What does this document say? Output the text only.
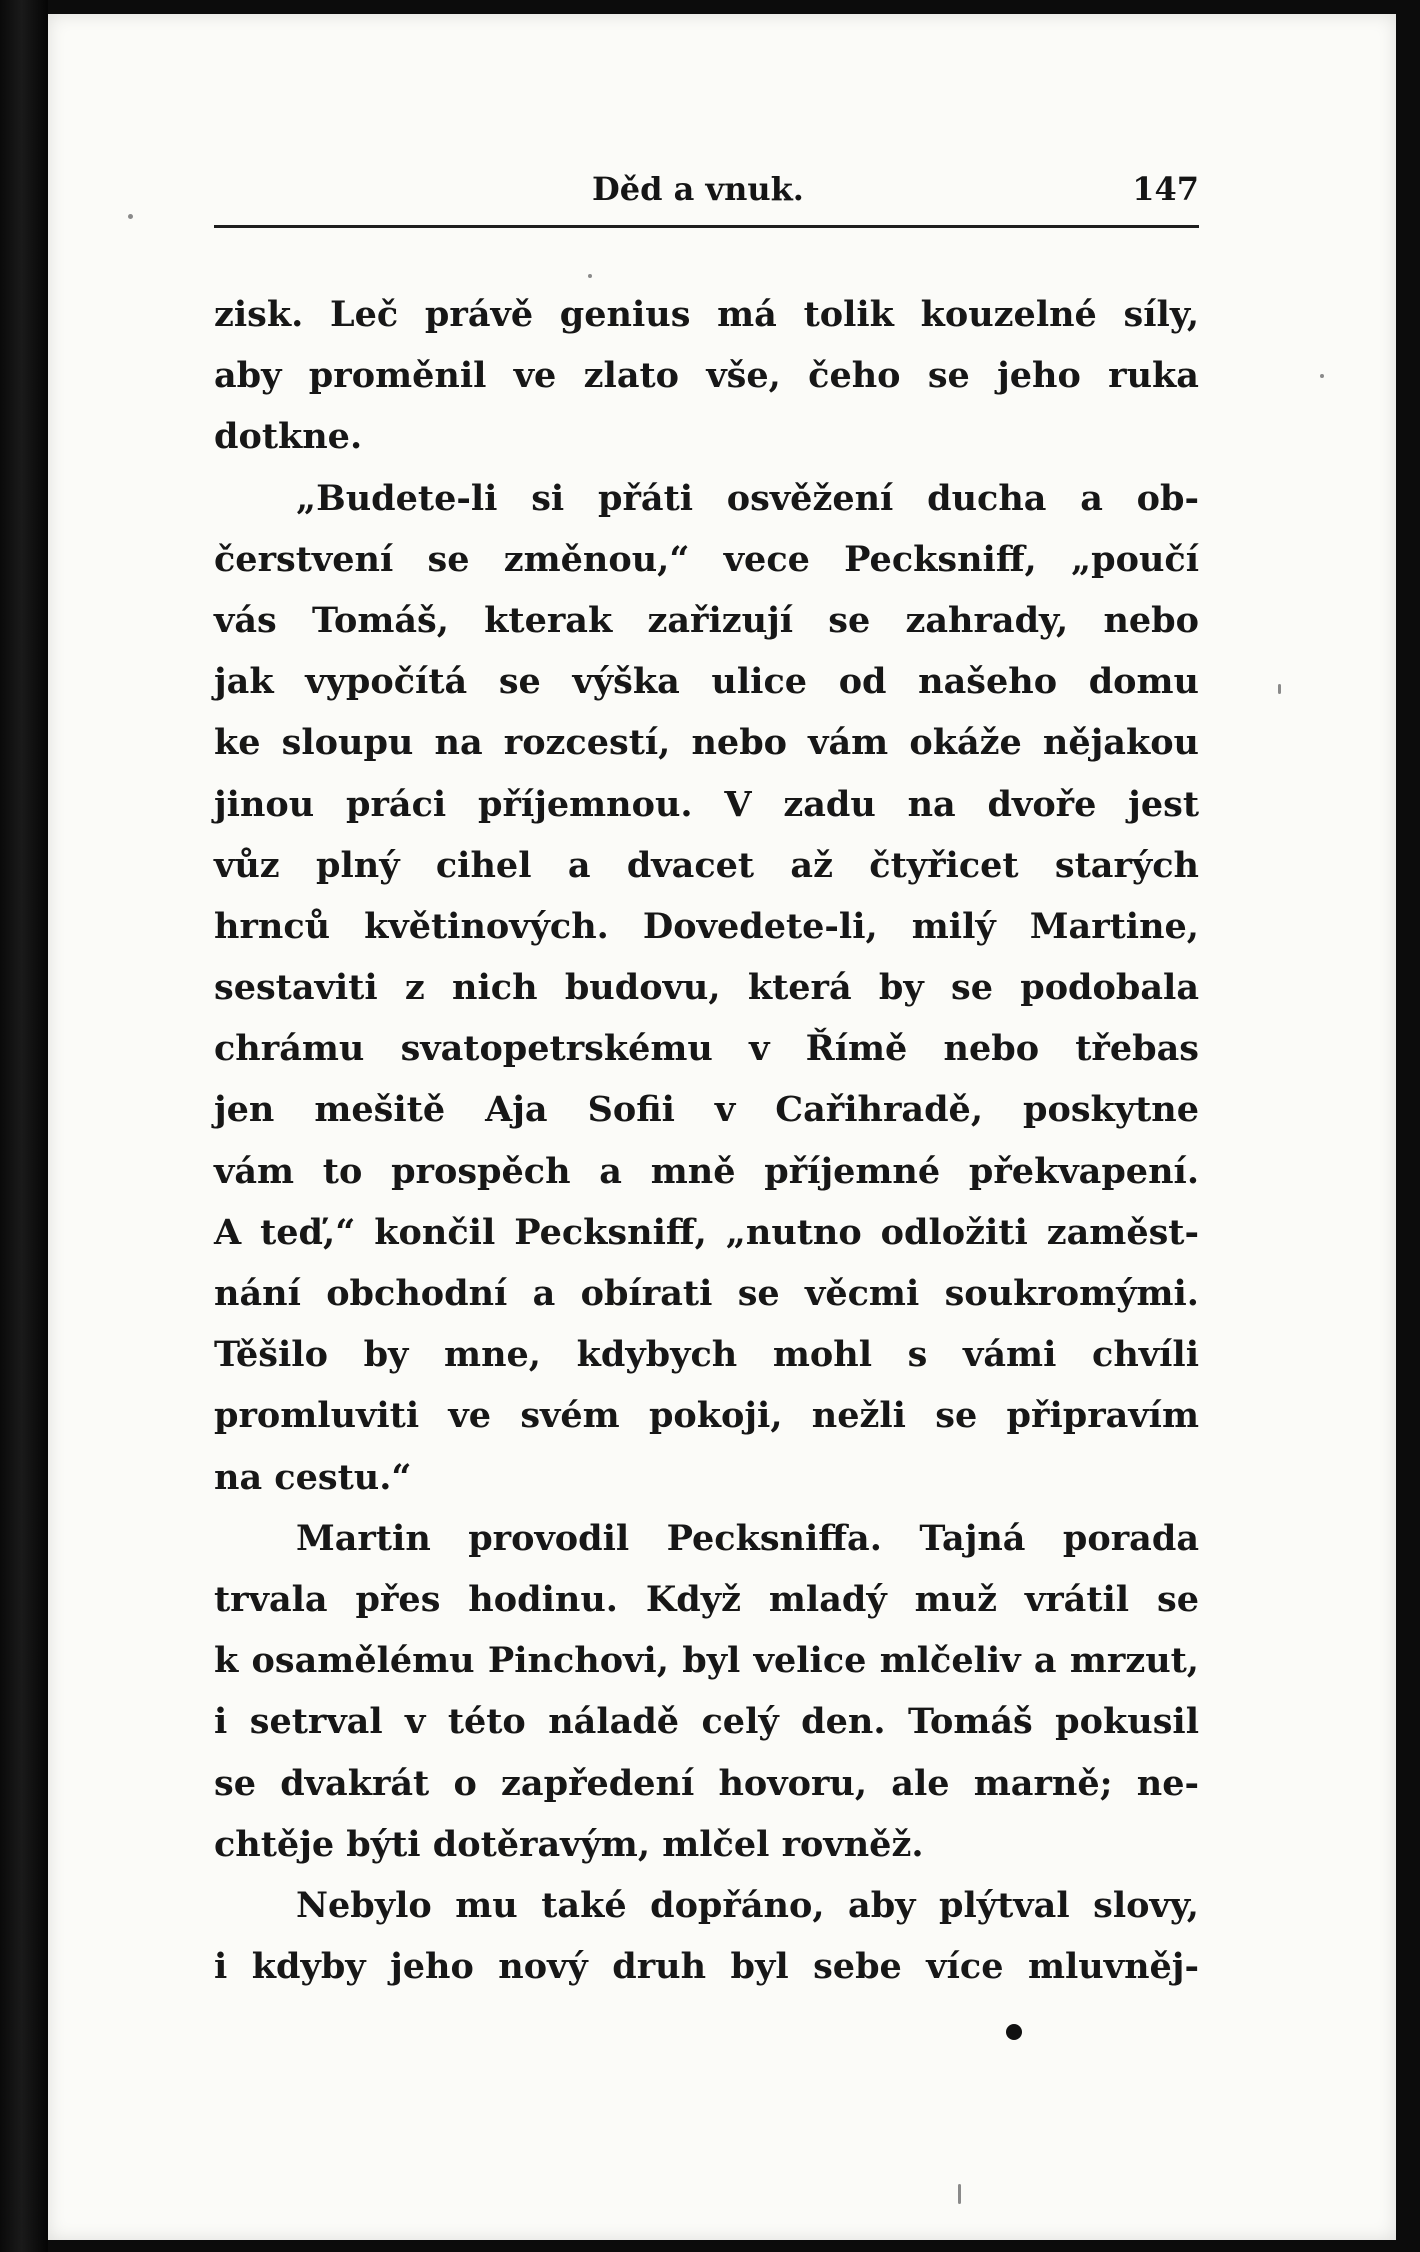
Děd a vnuk.	147
zisk. Leč právě genius má tolik kouzelné síly,
aby proměnil ve zlato vše, čeho se jeho ruka
dotkne.
„Budete-li si přáti osvěžení ducha a ob-
čerstvení se změnou,“ vece Pecksniff, „poučí
vás Tomáš, kterak zařizují se zahrady, nebo
jak vypočítá se výška ulice od našeho domu
ke sloupu na rozcestí, nebo vám okáže nějakou
jinou práci příjemnou. V zadu na dvoře jest
vůz plný cihel a dvacet až čtyřicet starých
hrnců květinových. Dovedete-li, milý Martine,
sestaviti z nich budovu, která by se podobala
chrámu svatopetrskému v Římě nebo třebas
jen mešitě Aja Sofii v Cařihradě, poskytne
vám to prospěch a mně příjemné překvapení.
A teď,“ končil Pecksniff, „nutno odložiti zaměst-
nání obchodní a obírati se věcmi soukromými.
Těšilo by mne, kdybych mohl s vámi chvíli
promluviti ve svém pokoji, nežli se připravím
na cestu.“
Martin provodil Pecksniffa. Tajná porada
trvala přes hodinu. Když mladý muž vrátil se
k osamělému Pinchovi, byl velice mlčeliv a mrzut,
i setrval v této náladě celý den. Tomáš pokusil
se dvakrát o zapředení hovoru, ale marně; ne-
chtěje býti dotěravým, mlčel rovněž.
Nebylo mu také dopřáno, aby plýtval slovy,
i kdyby jeho nový druh byl sebe více mluvněj-
